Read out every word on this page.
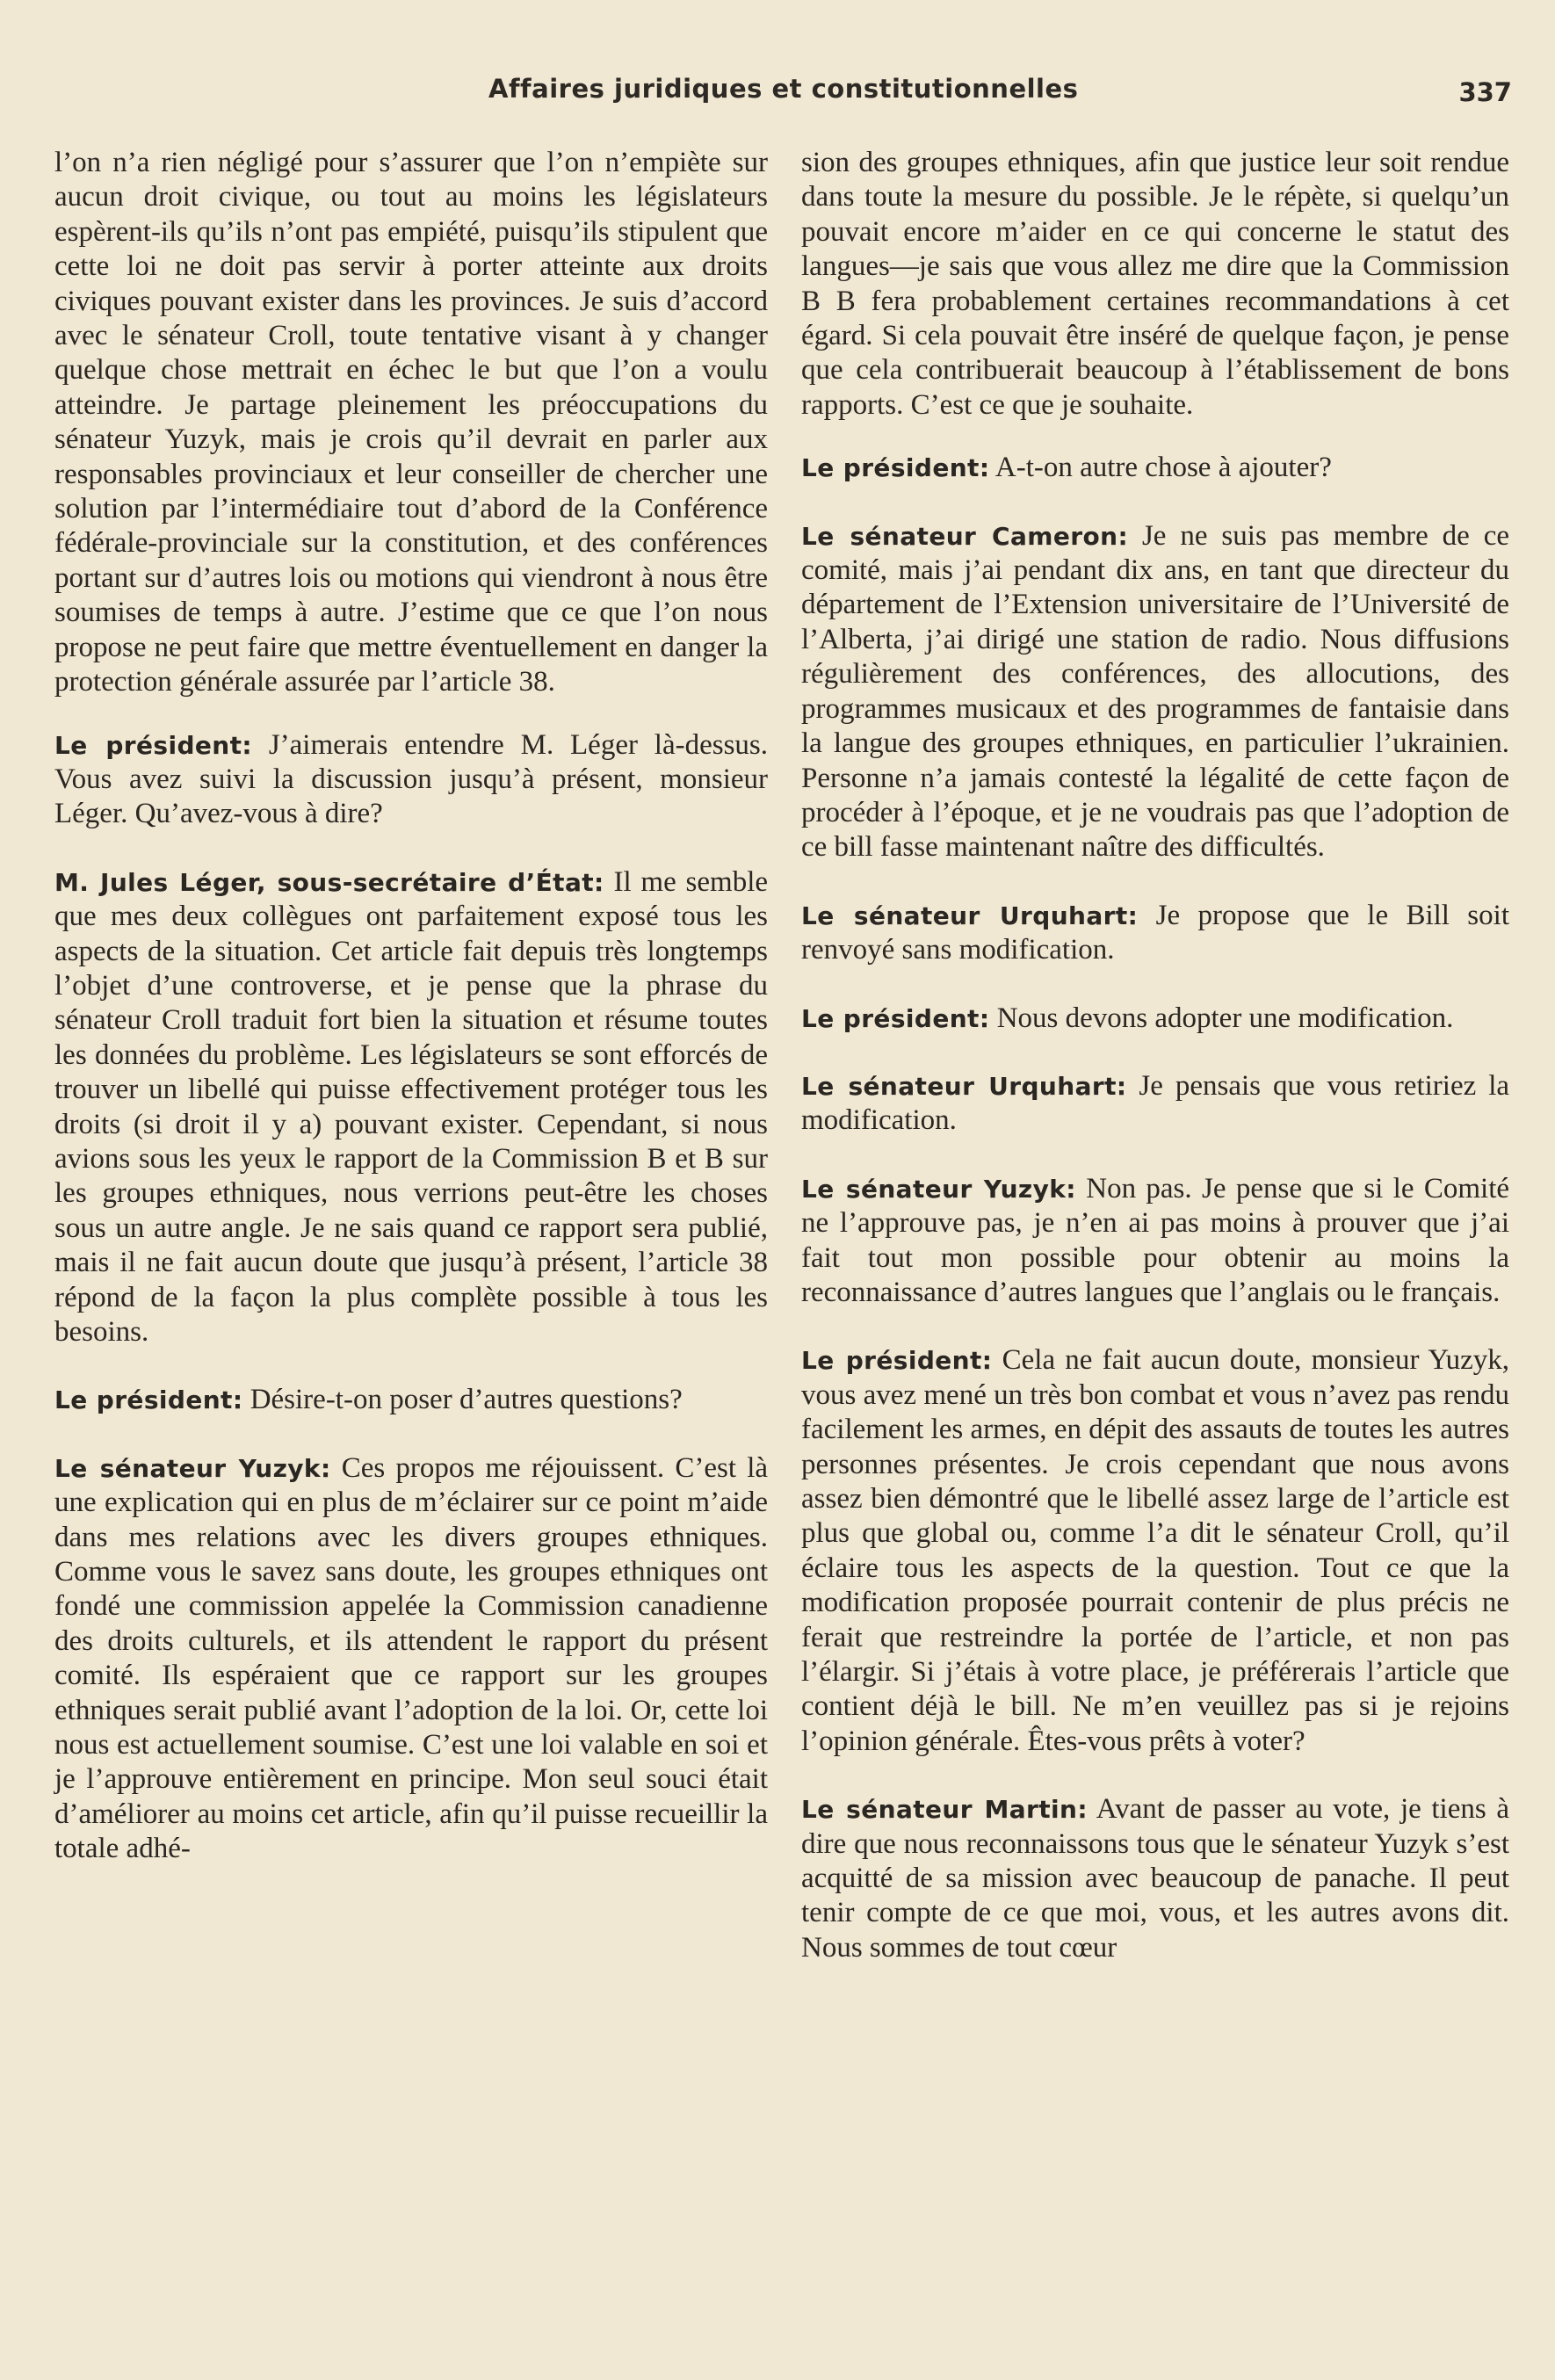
Affaires juridiques et constitutionnelles	337

l’on n’a rien négligé pour s’assurer que l’on n’empiète sur aucun droit civique, ou tout au moins les législateurs espèrent-ils qu’ils n’ont pas empiété, puisqu’ils stipulent que cette loi ne doit pas servir à porter atteinte aux droits civiques pouvant exister dans les provinces. Je suis d’accord avec le sénateur Croll, toute tentative visant à y changer quelque chose mettrait en échec le but que l’on a voulu atteindre. Je partage pleinement les préoccupations du sénateur Yuzyk, mais je crois qu’il devrait en parler aux responsables provinciaux et leur conseiller de chercher une solution par l’intermédiaire tout d’abord de la Conférence fédérale-provinciale sur la constitution, et des conférences portant sur d’autres lois ou motions qui viendront à nous être soumises de temps à autre. J’estime que ce que l’on nous propose ne peut faire que mettre éventuellement en danger la protection générale assurée par l’article 38.

Le président: J’aimerais entendre M. Léger là-dessus. Vous avez suivi la discussion jusqu’à présent, monsieur Léger. Qu’avez-vous à dire?

M. Jules Léger, sous-secrétaire d’État: Il me semble que mes deux collègues ont parfaitement exposé tous les aspects de la situation. Cet article fait depuis très longtemps l’objet d’une controverse, et je pense que la phrase du sénateur Croll traduit fort bien la situation et résume toutes les données du problème. Les législateurs se sont efforcés de trouver un libellé qui puisse effectivement protéger tous les droits (si droit il y a) pouvant exister. Cependant, si nous avions sous les yeux le rapport de la Commission B et B sur les groupes ethniques, nous verrions peut-être les choses sous un autre angle. Je ne sais quand ce rapport sera publié, mais il ne fait aucun doute que jusqu’à présent, l’article 38 répond de la façon la plus complète possible à tous les besoins.

Le président: Désire-t-on poser d’autres questions?

Le sénateur Yuzyk: Ces propos me réjouissent. C’est là une explication qui en plus de m’éclairer sur ce point m’aide dans mes relations avec les divers groupes ethniques. Comme vous le savez sans doute, les groupes ethniques ont fondé une commission appelée la Commission canadienne des droits culturels, et ils attendent le rapport du présent comité. Ils espéraient que ce rapport sur les groupes ethniques serait publié avant l’adoption de la loi. Or, cette loi nous est actuellement soumise. C’est une loi valable en soi et je l’approuve entièrement en principe. Mon seul souci était d’améliorer au moins cet article, afin qu’il puisse recueillir la totale adhé-

sion des groupes ethniques, afin que justice leur soit rendue dans toute la mesure du possible. Je le répète, si quelqu’un pouvait encore m’aider en ce qui concerne le statut des langues—je sais que vous allez me dire que la Commission B B fera probablement certaines recommandations à cet égard. Si cela pouvait être inséré de quelque façon, je pense que cela contribuerait beaucoup à l’établissement de bons rapports. C’est ce que je souhaite.

Le président: A-t-on autre chose à ajouter?

Le sénateur Cameron: Je ne suis pas membre de ce comité, mais j’ai pendant dix ans, en tant que directeur du département de l’Extension universitaire de l’Université de l’Alberta, j’ai dirigé une station de radio. Nous diffusions régulièrement des conférences, des allocutions, des programmes musicaux et des programmes de fantaisie dans la langue des groupes ethniques, en particulier l’ukrainien. Personne n’a jamais contesté la légalité de cette façon de procéder à l’époque, et je ne voudrais pas que l’adoption de ce bill fasse maintenant naître des difficultés.

Le sénateur Urquhart: Je propose que le Bill soit renvoyé sans modification.

Le président: Nous devons adopter une modification.

Le sénateur Urquhart: Je pensais que vous retiriez la modification.

Le sénateur Yuzyk: Non pas. Je pense que si le Comité ne l’approuve pas, je n’en ai pas moins à prouver que j’ai fait tout mon possible pour obtenir au moins la reconnaissance d’autres langues que l’anglais ou le français.

Le président: Cela ne fait aucun doute, monsieur Yuzyk, vous avez mené un très bon combat et vous n’avez pas rendu facilement les armes, en dépit des assauts de toutes les autres personnes présentes. Je crois cependant que nous avons assez bien démontré que le libellé assez large de l’article est plus que global ou, comme l’a dit le sénateur Croll, qu’il éclaire tous les aspects de la question. Tout ce que la modification proposée pourrait contenir de plus précis ne ferait que restreindre la portée de l’article, et non pas l’élargir. Si j’étais à votre place, je préférerais l’article que contient déjà le bill. Ne m’en veuillez pas si je rejoins l’opinion générale. Êtes-vous prêts à voter?

Le sénateur Martin: Avant de passer au vote, je tiens à dire que nous reconnaissons tous que le sénateur Yuzyk s’est acquitté de sa mission avec beaucoup de panache. Il peut tenir compte de ce que moi, vous, et les autres avons dit. Nous sommes de tout cœur
